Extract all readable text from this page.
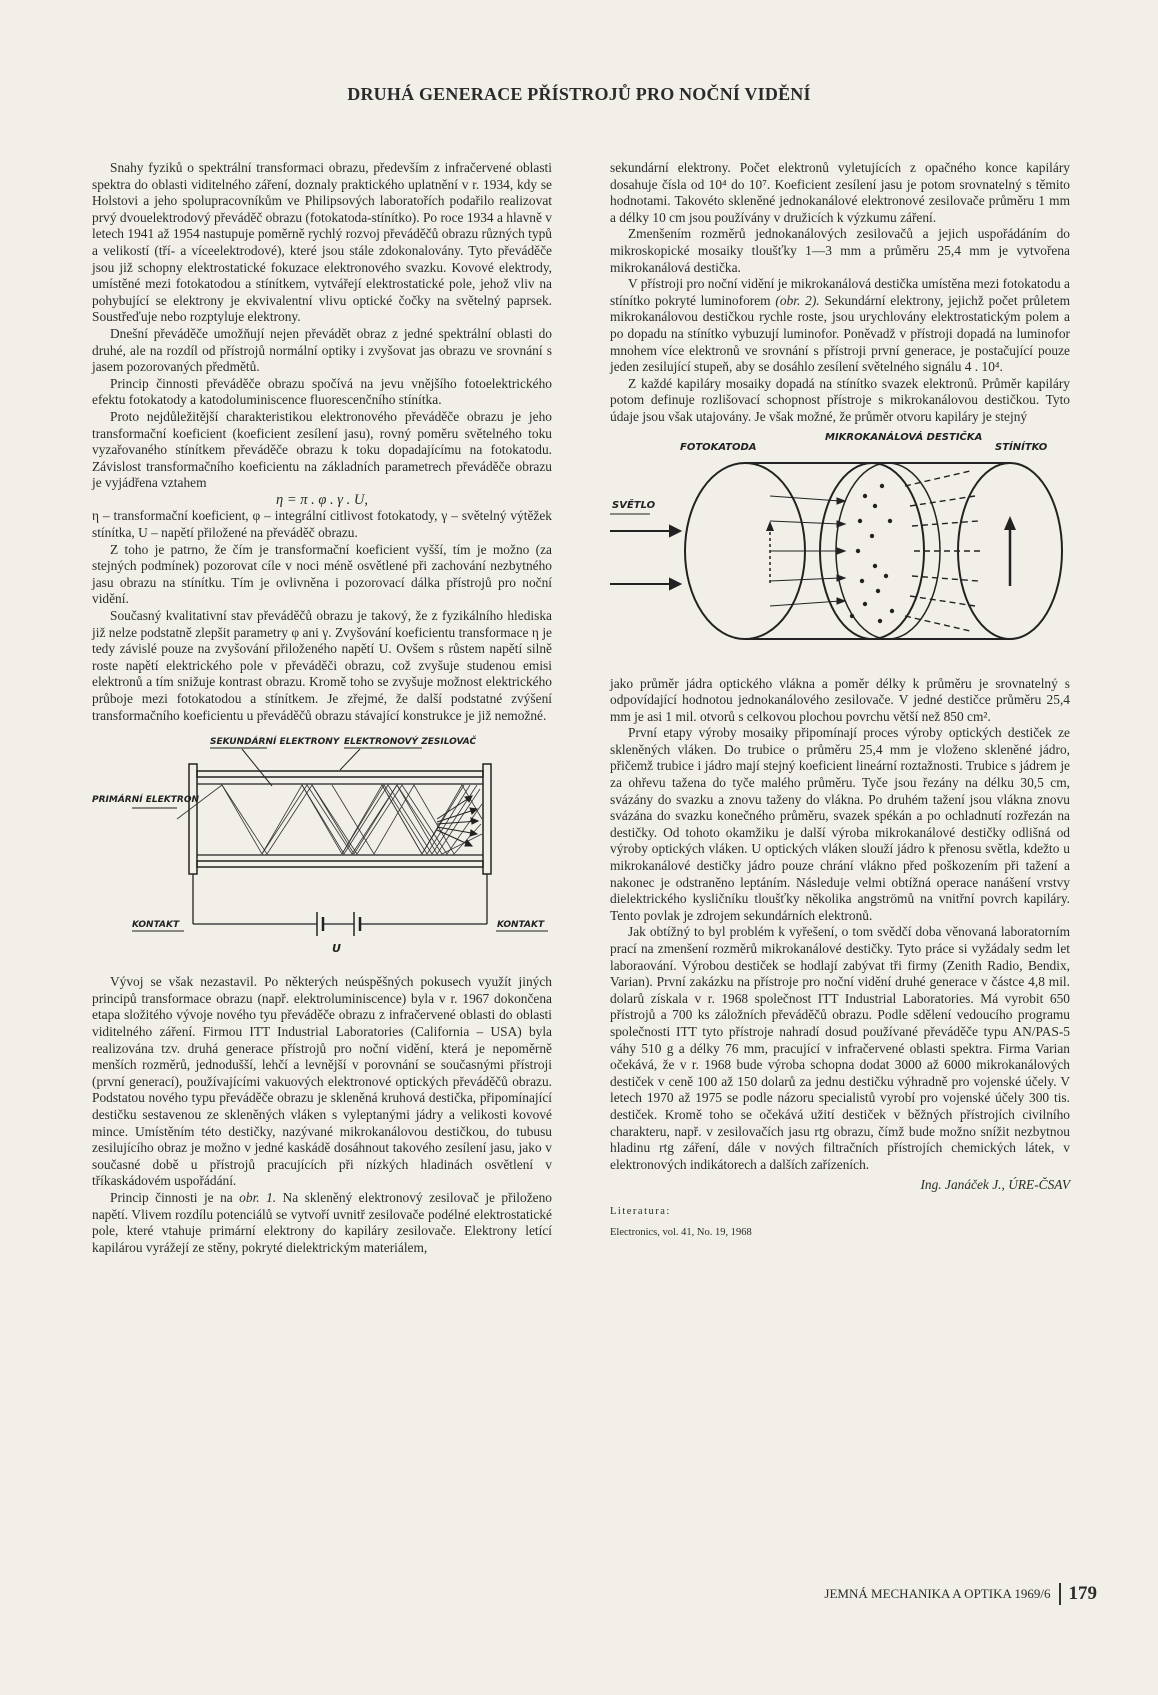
DRUHÁ GENERACE PŘÍSTROJŮ PRO NOČNÍ VIDĚNÍ

Snahy fyziků o spektrální transformaci obrazu, především z infračervené oblasti spektra do oblasti viditelného záření, doznaly praktického uplatnění v r. 1934, kdy se Holstovi a jeho spolupracovníkům ve Philipsových laboratořích podařilo realizovat prvý dvouelektrodový převáděč obrazu (fotokatoda-stínítko). Po roce 1934 a hlavně v letech 1941 až 1954 nastupuje poměrně rychlý rozvoj převáděčů obrazu různých typů a velikostí (tří- a víceelektrodové), které jsou stále zdokonalovány. Tyto převáděče jsou již schopny elektrostatické fokuzace elektronového svazku. Kovové elektrody, umístěné mezi fotokatodou a stínítkem, vytvářejí elektrostatické pole, jehož vliv na pohybující se elektrony je ekvivalentní vlivu optické čočky na světelný paprsek. Soustřeďuje nebo rozptyluje elektrony.

Dnešní převáděče umožňují nejen převádět obraz z jedné spektrální oblasti do druhé, ale na rozdíl od přístrojů normální optiky i zvyšovat jas obrazu ve srovnání s jasem pozorovaných předmětů.

Princip činnosti převáděče obrazu spočívá na jevu vnějšího fotoelektrického efektu fotokatody a katodoluminiscence fluorescenčního stínítka.

Proto nejdůležitější charakteristikou elektronového převáděče obrazu je jeho transformační koeficient (koeficient zesílení jasu), rovný poměru světelného toku vyzařovaného stínítkem převáděče obrazu k toku dopadajícímu na fotokatodu. Závislost transformačního koeficientu na základních parametrech převáděče obrazu je vyjádřena vztahem

η = π . φ . γ . U,

η – transformační koeficient, φ – integrální citlivost fotokatody, γ – světelný výtěžek stínítka, U – napětí přiložené na převáděč obrazu.

Z toho je patrno, že čím je transformační koeficient vyšší, tím je možno (za stejných podmínek) pozorovat cíle v noci méně osvětlené při zachování nezbytného jasu obrazu na stínítku. Tím je ovlivněna i pozorovací dálka přístrojů pro noční vidění.

Současný kvalitativní stav převáděčů obrazu je takový, že z fyzikálního hlediska již nelze podstatně zlepšit parametry φ ani γ. Zvyšování koeficientu transformace η je tedy závislé pouze na zvyšování přiloženého napětí U. Ovšem s růstem napětí silně roste napětí elektrického pole v převáděči obrazu, což zvyšuje studenou emisi elektronů a tím snižuje kontrast obrazu. Kromě toho se zvyšuje možnost elektrického průboje mezi fotokatodou a stínítkem. Je zřejmé, že další podstatné zvýšení transformačního koeficientu u převáděčů obrazu stávající konstrukce je již nemožné.

SEKUNDÁRNÍ ELEKTRONY ELEKTRONOVÝ ZESILOVAČ
PRIMÁRNÍ ELEKTRON
KONTAKT	KONTAKT
U

Vývoj se však nezastavil. Po některých neúspěšných pokusech využít jiných principů transformace obrazu (např. elektroluminiscence) byla v r. 1967 dokončena etapa složitého vývoje nového tyu převáděče obrazu z infračervené oblasti do oblasti viditelného záření. Firmou ITT Industrial Laboratories (California – USA) byla realizována tzv. druhá generace přístrojů pro noční vidění, která je nepoměrně menších rozměrů, jednodušší, lehčí a levnější v porovnání se současnými přístroji (první generací), používajícími vakuových elektronové optických převáděčů obrazu. Podstatou nového typu převáděče obrazu je skleněná kruhová destička, připomínající destičku sestavenou ze skleněných vláken s vyleptanými jádry a velikosti kovové mince. Umístěním této destičky, nazývané mikrokanálovou destičkou, do tubusu zesilujícího obraz je možno v jedné kaskádě dosáhnout takového zesílení jasu, jako v současné době u přístrojů pracujících při nízkých hladinách osvětlení v tříkaskádovém uspořádání.

Princip činnosti je na obr. 1. Na skleněný elektronový zesilovač je přiloženo napětí. Vlivem rozdílu potenciálů se vytvoří uvnitř zesilovače podélné elektrostatické pole, které vtahuje primární elektrony do kapiláry zesilovače. Elektrony letící kapilárou vyrážejí ze stěny, pokryté dielektrickým materiálem,

sekundární elektrony. Počet elektronů vyletujících z opačného konce kapiláry dosahuje čísla od 10⁴ do 10⁷. Koeficient zesílení jasu je potom srovnatelný s těmito hodnotami. Takovéto skleněné jednokanálové elektronové zesilovače průměru 1 mm a délky 10 cm jsou používány v družicích k výzkumu záření.

Zmenšením rozměrů jednokanálových zesilovačů a jejich uspořádáním do mikroskopické mosaiky tloušťky 1—3 mm a průměru 25,4 mm je vytvořena mikrokanálová destička.

V přístroji pro noční vidění je mikrokanálová destička umístěna mezi fotokatodu a stínítko pokryté luminoforem (obr. 2). Sekundární elektrony, jejichž počet průletem mikrokanálovou destičkou rychle roste, jsou urychlovány elektrostatickým polem a po dopadu na stínítko vybuzují luminofor. Poněvadž v přístroji dopadá na luminofor mnohem více elektronů ve srovnání s přístroji první generace, je postačující pouze jeden zesilující stupeň, aby se dosáhlo zesílení světelného signálu 4 . 10⁴.

Z každé kapiláry mosaiky dopadá na stínítko svazek elektronů. Průměr kapiláry potom definuje rozlišovací schopnost přístroje s mikrokanálovou destičkou. Tyto údaje jsou však utajovány. Je však možné, že průměr otvoru kapiláry je stejný

FOTOKATODA
MIKROKANÁLOVÁ DESTIČKA
STÍNÍTKO
SVĚTLO

jako průměr jádra optického vlákna a poměr délky k průměru je srovnatelný s odpovídající hodnotou jednokanálového zesilovače. V jedné destičce průměru 25,4 mm je asi 1 mil. otvorů s celkovou plochou povrchu větší než 850 cm².

První etapy výroby mosaiky připomínají proces výroby optických destiček ze skleněných vláken. Do trubice o průměru 25,4 mm je vloženo skleněné jádro, přičemž trubice i jádro mají stejný koeficient lineární roztažnosti. Trubice s jádrem je za ohřevu tažena do tyče malého průměru. Tyče jsou řezány na délku 30,5 cm, svázány do svazku a znovu taženy do vlákna. Po druhém tažení jsou vlákna znovu svázána do svazku konečného průměru, svazek spékán a po ochladnutí rozřezán na destičky. Od tohoto okamžiku je další výroba mikrokanálové destičky odlišná od výroby optických vláken. U optických vláken slouží jádro k přenosu světla, kdežto u mikrokanálové destičky jádro pouze chrání vlákno před poškozením při tažení a nakonec je odstraněno leptáním. Následuje velmi obtížná operace nanášení vrstvy dielektrického kysličníku tloušťky několika angströmů na vnitřní povrch kapiláry. Tento povlak je zdrojem sekundárních elektronů.

Jak obtížný to byl problém k vyřešení, o tom svědčí doba věnovaná laboratorním prací na zmenšení rozměrů mikrokanálové destičky. Tyto práce si vyžádaly sedm let laboraování. Výrobou destiček se hodlají zabývat tři firmy (Zenith Radio, Bendix, Varian). První zakázku na přístroje pro noční vidění druhé generace v částce 4,8 mil. dolarů získala v r. 1968 společnost ITT Industrial Laboratories. Má vyrobit 650 přístrojů a 700 ks záložních převáděčů obrazu. Podle sdělení vedoucího programu společnosti ITT tyto přístroje nahradí dosud používané převáděče typu AN/PAS-5 váhy 510 g a délky 76 mm, pracující v infračervené oblasti spektra. Firma Varian očekává, že v r. 1968 bude výroba schopna dodat 3000 až 6000 mikrokanálových destiček v ceně 100 až 150 dolarů za jednu destičku výhradně pro vojenské účely. V letech 1970 až 1975 se podle názoru specialistů vyrobí pro vojenské účely 300 tis. destiček. Kromě toho se očekává užití destiček v běžných přístrojích civilního charakteru, např. v zesilovačích jasu rtg obrazu, čímž bude možno snížit nezbytnou hladinu rtg záření, dále v nových filtračních přístrojích chemických látek, v elektronových indikátorech a dalších zařízeních.

Ing. Janáček J., ÚRE-ČSAV

Literatura:

Electronics, vol. 41, No. 19, 1968

JEMNÁ MECHANIKA A OPTIKA 1969/6 179
